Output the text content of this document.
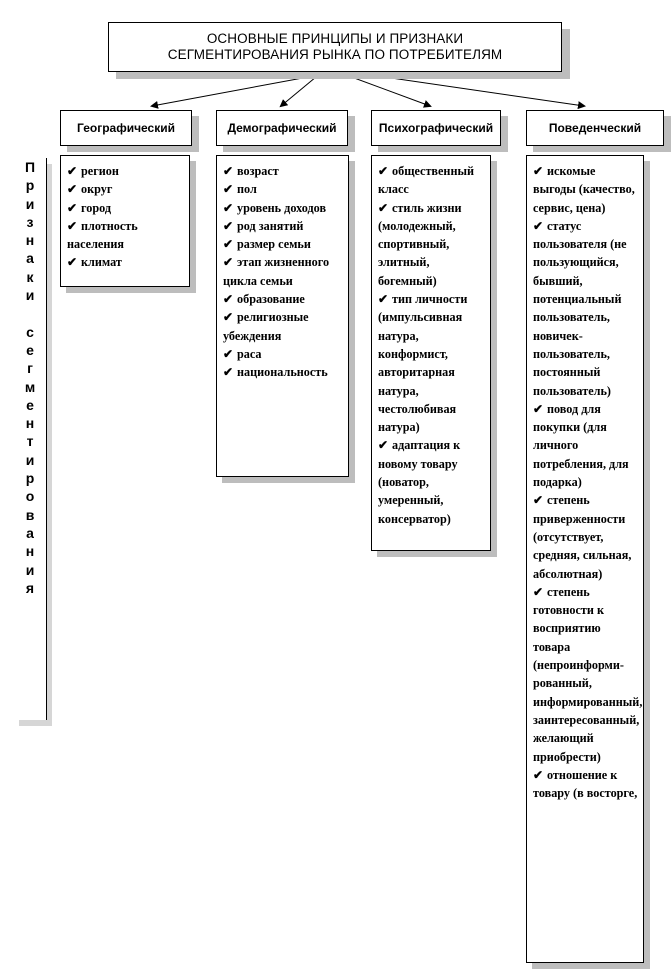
ОСНОВНЫЕ ПРИНЦИПЫ И ПРИЗНАКИ
СЕГМЕНТИРОВАНИЯ РЫНКА ПО ПОТРЕБИТЕЛЯМ
П
р
и
з
н
а
к
и
с
е
г
м
е
н
т
и
р
о
в
а
н
и
я
Географический	Демографический	Психографический	Поведенческий
✔ регион
✔ округ
✔ город
✔ плотность населения
✔ климат
✔ возраст
✔ пол
✔ уровень доходов
✔ род занятий
✔ размер семьи
✔ этап жизненного цикла семьи
✔ образование
✔ религиозные убеждения
✔ раса
✔ национальность
✔ общественный класс
✔ стиль жизни (молодежный, спортивный, элитный, богемный)
✔ тип личности (импульсивная натура, конформист, авторитарная натура, честолюбивая натура)
✔ адаптация к новому товару (новатор, умеренный, консерватор)
✔ искомые выгоды (качество, сервис, цена)
✔ статус пользователя (не пользующийся, бывший, потенциальный пользователь, новичек-пользователь, постоянный пользователь)
✔ повод для покупки (для личного потребления, для подарка)
✔ степень приверженности (отсутствует, средняя, сильная, абсолютная)
✔ степень готовности к восприятию товара (непроинформи-рованный, информированный, заинтересованный, желающий приобрести)
✔ отношение к товару (в восторге,
